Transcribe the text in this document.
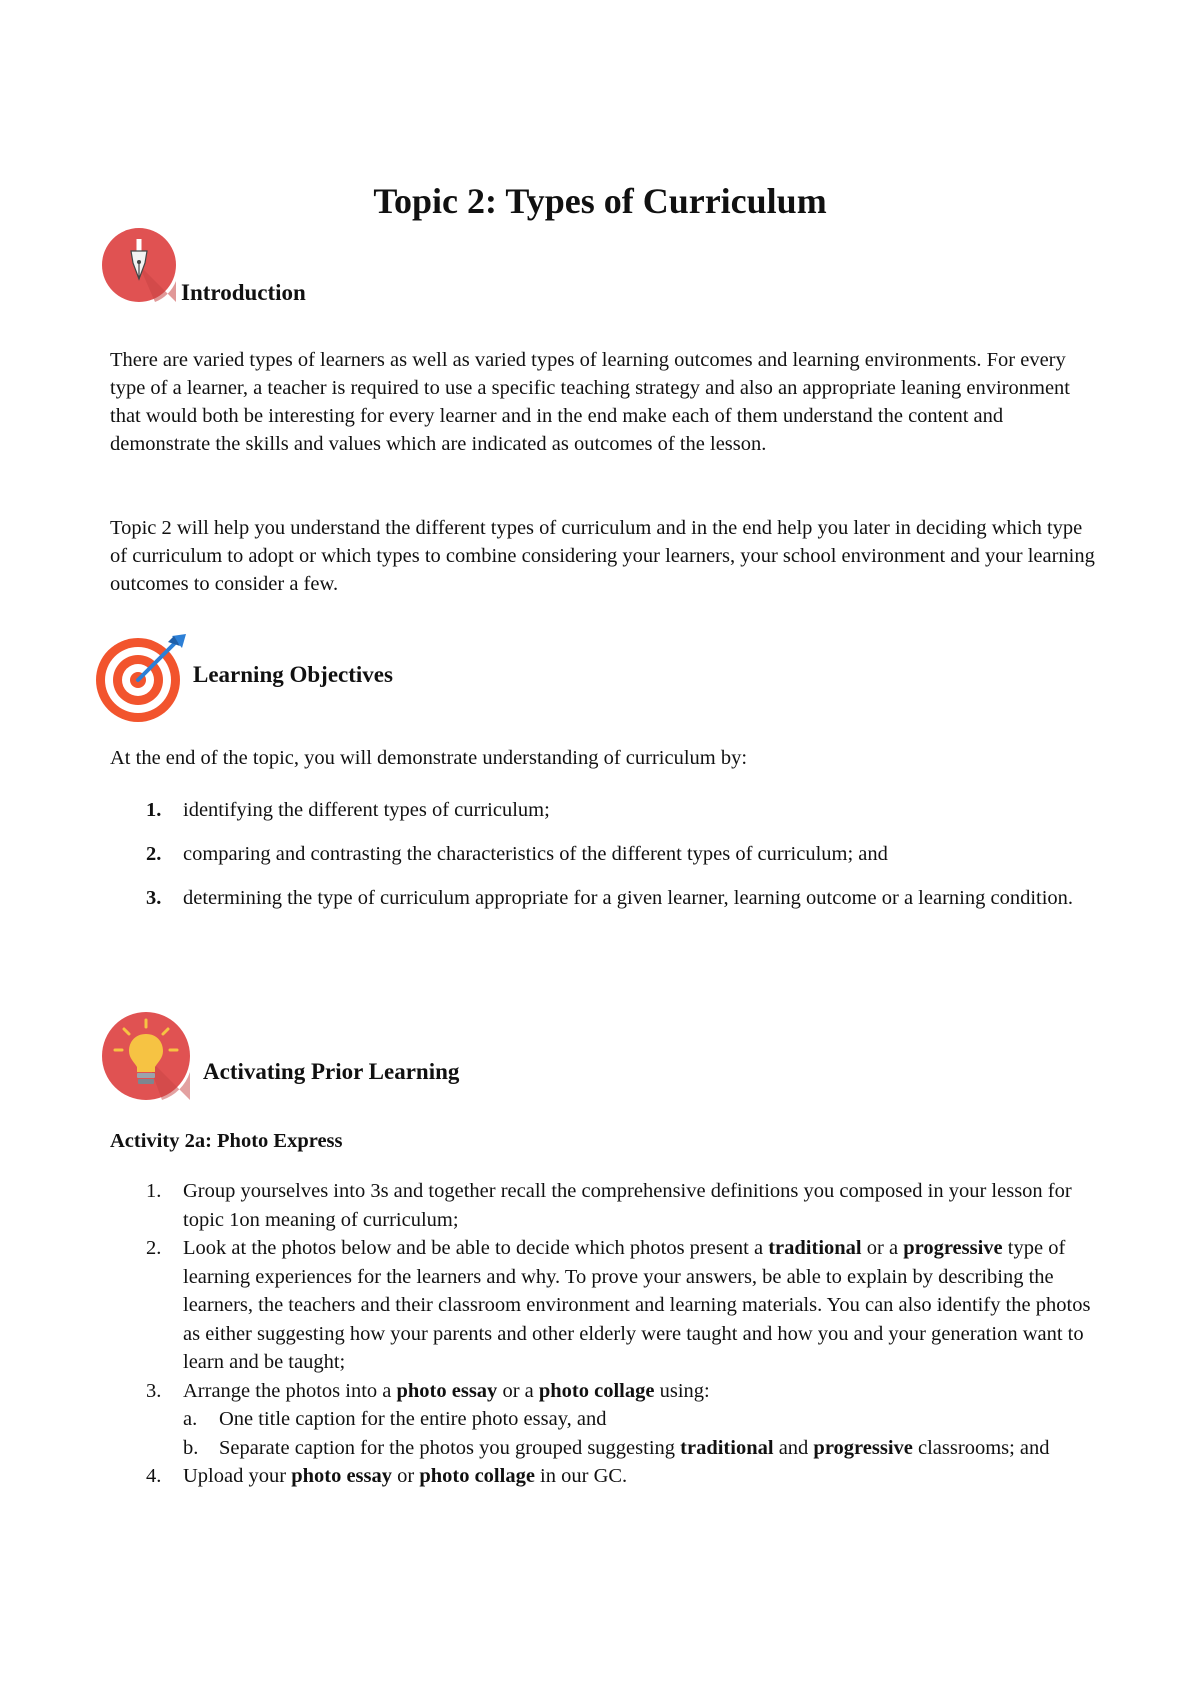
Topic 2: Types of Curriculum
Introduction

There are varied types of learners as well as varied types of learning outcomes and learning environments. For every type of a learner, a teacher is required to use a specific teaching strategy and also an appropriate leaning environment that would both be interesting for every learner and in the end make each of them understand the content and demonstrate the skills and values which are indicated as outcomes of the lesson.

Topic 2 will help you understand the different types of curriculum and in the end help you later in deciding which type of curriculum to adopt or which types to combine considering your learners, your school environment and your learning outcomes to consider a few.

Learning Objectives

At the end of the topic, you will demonstrate understanding of curriculum by:

1. identifying the different types of curriculum;
2. comparing and contrasting the characteristics of the different types of curriculum; and
3. determining the type of curriculum appropriate for a given learner, learning outcome or a learning condition.
Activating Prior Learning

Activity 2a: Photo Express

1. Group yourselves into 3s and together recall the comprehensive definitions you composed in your lesson for topic 1on meaning of curriculum;
2. Look at the photos below and be able to decide which photos present a traditional or a progressive type of learning experiences for the learners and why. To prove your answers, be able to explain by describing the learners, the teachers and their classroom environment and learning materials. You can also identify the photos as either suggesting how your parents and other elderly were taught and how you and your generation want to learn and be taught;
3. Arrange the photos into a photo essay or a photo collage using:
a. One title caption for the entire photo essay, and
b. Separate caption for the photos you grouped suggesting traditional and progressive classrooms; and
4. Upload your photo essay or photo collage in our GC.
